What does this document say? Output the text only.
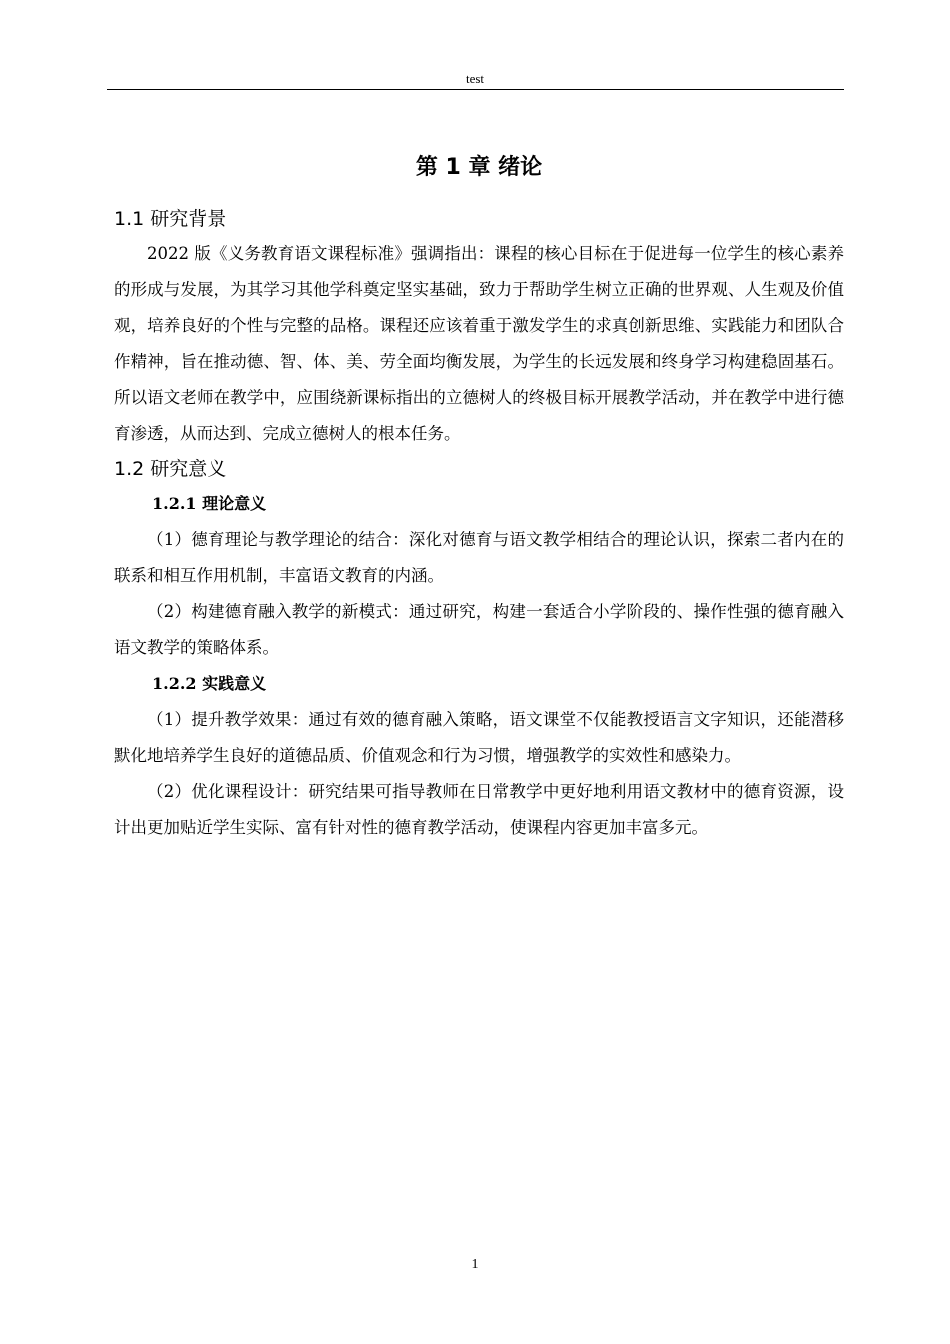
test
第 1 章 绪论
1.1 研究背景

2022 版《义务教育语文课程标准》强调指出：课程的核心目标在于促进每一位学生的核心素养的形成与发展，为其学习其他学科奠定坚实基础，致力于帮助学生树立正确的世界观、人生观及价值观，培养良好的个性与完整的品格。课程还应该着重于激发学生的求真创新思维、实践能力和团队合作精神，旨在推动德、智、体、美、劳全面均衡发展，为学生的长远发展和终身学习构建稳固基石。所以语文老师在教学中，应围绕新课标指出的立德树人的终极目标开展教学活动，并在教学中进行德育渗透，从而达到、完成立德树人的根本任务。

1.2 研究意义
1.2.1 理论意义

（1）德育理论与教学理论的结合：深化对德育与语文教学相结合的理论认识，探索二者内在的联系和相互作用机制，丰富语文教育的内涵。

（2）构建德育融入教学的新模式：通过研究，构建一套适合小学阶段的、操作性强的德育融入语文教学的策略体系。

1.2.2 实践意义

（1）提升教学效果：通过有效的德育融入策略，语文课堂不仅能教授语言文字知识，还能潜移默化地培养学生良好的道德品质、价值观念和行为习惯，增强教学的实效性和感染力。

（2）优化课程设计：研究结果可指导教师在日常教学中更好地利用语文教材中的德育资源，设计出更加贴近学生实际、富有针对性的德育教学活动，使课程内容更加丰富多元。

1
